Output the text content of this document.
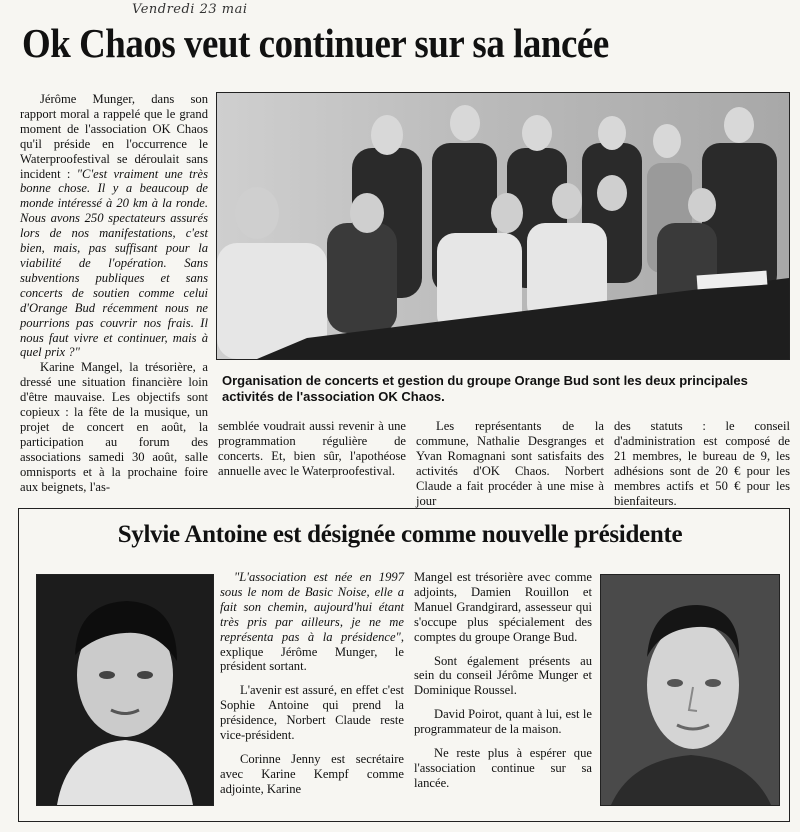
Vendredi 23 mai
Ok Chaos veut continuer sur sa lancée

Jérôme Munger, dans son rapport moral a rappelé que le grand moment de l'association OK Chaos qu'il préside en l'occurrence le Waterproofestival se déroulait sans incident : "C'est vraiment une très bonne chose. Il y a beaucoup de monde intéressé à 20 km à la ronde. Nous avons 250 spectateurs assurés lors de nos manifestations, c'est bien, mais, pas suffisant pour la viabilité de l'opération. Sans subventions publiques et sans concerts de soutien comme celui d'Orange Bud récemment nous ne pourrions pas couvrir nos frais. Il nous faut vivre et continuer, mais à quel prix ?"

Karine Mangel, la trésorière, a dressé une situation financière loin d'être mauvaise. Les objectifs sont copieux : la fête de la musique, un projet de concert en août, la participation au forum des associations samedi 30 août, salle omnisports et à la prochaine foire aux beignets, l'as-

Organisation de concerts et gestion du groupe Orange Bud sont les deux principales activités de l'association OK Chaos.

semblée voudrait aussi revenir à une programmation régulière de concerts. Et, bien sûr, l'apothéose annuelle avec le Waterproofestival.

Les représentants de la commune, Nathalie Desgranges et Yvan Romagnani sont satisfaits des activités d'OK Chaos. Norbert Claude a fait procéder à une mise à jour

des statuts : le conseil d'administration est composé de 21 membres, le bureau de 9, les adhésions sont de 20 € pour les membres actifs et 50 € pour les bienfaiteurs.

Sylvie Antoine est désignée comme nouvelle présidente

"L'association est née en 1997 sous le nom de Basic Noise, elle a fait son chemin, aujourd'hui étant très pris par ailleurs, je ne me représenta pas à la présidence", explique Jérôme Munger, le président sortant.

L'avenir est assuré, en effet c'est Sophie Antoine qui prend la présidence, Norbert Claude reste vice-président.

Corinne Jenny est secrétaire avec Karine Kempf comme adjointe, Karine

Mangel est trésorière avec comme adjoints, Damien Rouillon et Manuel Grandgirard, assesseur qui s'occupe plus spécialement des comptes du groupe Orange Bud.

Sont également présents au sein du conseil Jérôme Munger et Dominique Roussel.

David Poirot, quant à lui, est le programmateur de la maison.

Ne reste plus à espérer que l'association continue sur sa lancée.
